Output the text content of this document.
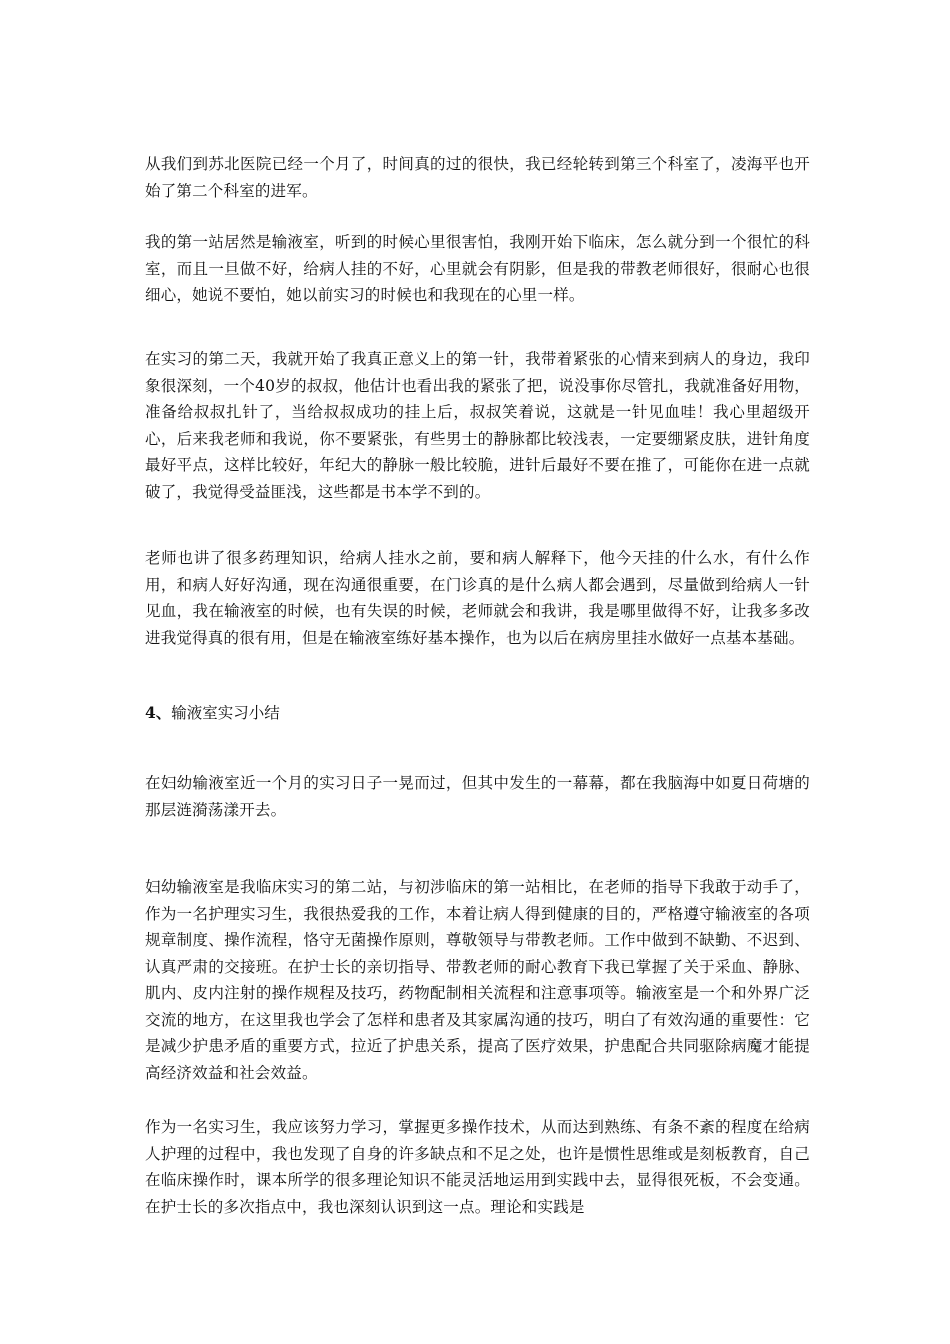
从我们到苏北医院已经一个月了，时间真的过的很快，我已经轮转到第三个科室了，凌海平也开始了第二个科室的进军。

我的第一站居然是输液室，听到的时候心里很害怕，我刚开始下临床，怎么就分到一个很忙的科室，而且一旦做不好，给病人挂的不好，心里就会有阴影，但是我的带教老师很好，很耐心也很细心，她说不要怕，她以前实习的时候也和我现在的心里一样。

在实习的第二天，我就开始了我真正意义上的第一针，我带着紧张的心情来到病人的身边，我印象很深刻，一个40岁的叔叔，他估计也看出我的紧张了把，说没事你尽管扎，我就准备好用物，准备给叔叔扎针了，当给叔叔成功的挂上后，叔叔笑着说，这就是一针见血哇！我心里超级开心，后来我老师和我说，你不要紧张，有些男士的静脉都比较浅表，一定要绷紧皮肤，进针角度最好平点，这样比较好，年纪大的静脉一般比较脆，进针后最好不要在推了，可能你在进一点就破了，我觉得受益匪浅，这些都是书本学不到的。

老师也讲了很多药理知识，给病人挂水之前，要和病人解释下，他今天挂的什么水，有什么作用，和病人好好沟通，现在沟通很重要，在门诊真的是什么病人都会遇到，尽量做到给病人一针见血，我在输液室的时候，也有失误的时候，老师就会和我讲，我是哪里做得不好，让我多多改进我觉得真的很有用，但是在输液室练好基本操作，也为以后在病房里挂水做好一点基本基础。

4、输液室实习小结

在妇幼输液室近一个月的实习日子一晃而过，但其中发生的一幕幕，都在我脑海中如夏日荷塘的那层涟漪荡漾开去。

妇幼输液室是我临床实习的第二站，与初涉临床的第一站相比，在老师的指导下我敢于动手了，作为一名护理实习生，我很热爱我的工作，本着让病人得到健康的目的，严格遵守输液室的各项规章制度、操作流程，恪守无菌操作原则，尊敬领导与带教老师。工作中做到不缺勤、不迟到、认真严肃的交接班。在护士长的亲切指导、带教老师的耐心教育下我已掌握了关于采血、静脉、肌内、皮内注射的操作规程及技巧，药物配制相关流程和注意事项等。输液室是一个和外界广泛交流的地方，在这里我也学会了怎样和患者及其家属沟通的技巧，明白了有效沟通的重要性：它是减少护患矛盾的重要方式，拉近了护患关系，提高了医疗效果，护患配合共同驱除病魔才能提高经济效益和社会效益。

作为一名实习生，我应该努力学习，掌握更多操作技术，从而达到熟练、有条不紊的程度在给病人护理的过程中，我也发现了自身的许多缺点和不足之处，也许是惯性思维或是刻板教育，自己在临床操作时，课本所学的很多理论知识不能灵活地运用到实践中去，显得很死板，不会变通。在护士长的多次指点中，我也深刻认识到这一点。理论和实践是
